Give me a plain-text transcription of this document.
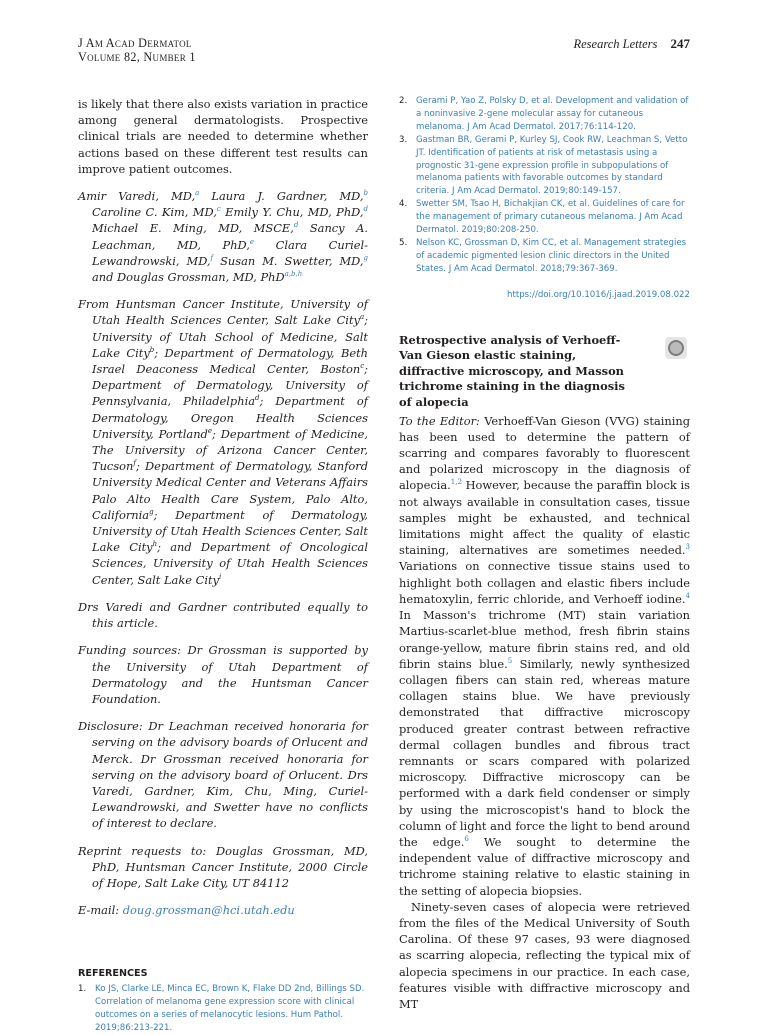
J Am Acad Dermatol
Volume 82, Number 1
Research Letters 247

is likely that there also exists variation in practice among general dermatologists. Prospective clinical trials are needed to determine whether actions based on these different test results can improve patient outcomes.

Amir Varedi, MD,$^a$ Laura J. Gardner, MD,$^b$ Caroline C. Kim, MD,$^c$ Emily Y. Chu, MD, PhD,$^d$ Michael E. Ming, MD, MSCE,$^d$ Sancy A. Leachman, MD, PhD,$^e$ Clara Curiel-Lewandrowski, MD,$^f$ Susan M. Swetter, MD,$^g$ and Douglas Grossman, MD, PhD$^{a,b,h}$

From Huntsman Cancer Institute, University of Utah Health Sciences Center, Salt Lake City$^a$; University of Utah School of Medicine, Salt Lake City$^b$; Department of Dermatology, Beth Israel Deaconess Medical Center, Boston$^c$; Department of Dermatology, University of Pennsylvania, Philadelphia$^d$; Department of Dermatology, Oregon Health Sciences University, Portland$^e$; Department of Medicine, The University of Arizona Cancer Center, Tucson$^f$; Department of Dermatology, Stanford University Medical Center and Veterans Affairs Palo Alto Health Care System, Palo Alto, California$^g$; Department of Dermatology, University of Utah Health Sciences Center, Salt Lake City$^h$; and Department of Oncological Sciences, University of Utah Health Sciences Center, Salt Lake City$^i$

Drs Varedi and Gardner contributed equally to this article.

Funding sources: Dr Grossman is supported by the University of Utah Department of Dermatology and the Huntsman Cancer Foundation.

Disclosure: Dr Leachman received honoraria for serving on the advisory boards of Orlucent and Merck. Dr Grossman received honoraria for serving on the advisory board of Orlucent. Drs Varedi, Gardner, Kim, Chu, Ming, Curiel-Lewandrowski, and Swetter have no conflicts of interest to declare.

Reprint requests to: Douglas Grossman, MD, PhD, Huntsman Cancer Institute, 2000 Circle of Hope, Salt Lake City, UT 84112

E-mail: doug.grossman@hci.utah.edu

REFERENCES
1.	Ko JS, Clarke LE, Minca EC, Brown K, Flake DD 2nd, Billings SD. Correlation of melanoma gene expression score with clinical outcomes on a series of melanocytic lesions. Hum Pathol. 2019;86:213-221.
2.	Gerami P, Yao Z, Polsky D, et al. Development and validation of a noninvasive 2-gene molecular assay for cutaneous melanoma. J Am Acad Dermatol. 2017;76:114-120.
3.	Gastman BR, Gerami P, Kurley SJ, Cook RW, Leachman S, Vetto JT. Identification of patients at risk of metastasis using a prognostic 31-gene expression profile in subpopulations of melanoma patients with favorable outcomes by standard criteria. J Am Acad Dermatol. 2019;80:149-157.
4.	Swetter SM, Tsao H, Bichakjian CK, et al. Guidelines of care for the management of primary cutaneous melanoma. J Am Acad Dermatol. 2019;80:208-250.
5.	Nelson KC, Grossman D, Kim CC, et al. Management strategies of academic pigmented lesion clinic directors in the United States. J Am Acad Dermatol. 2018;79:367-369.
https://doi.org/10.1016/j.jaad.2019.08.022

Retrospective analysis of Verhoeff-Van Gieson elastic staining, diffractive microscopy, and Masson trichrome staining in the diagnosis of alopecia

To the Editor: Verhoeff-Van Gieson (VVG) staining has been used to determine the pattern of scarring and compares favorably to fluorescent and polarized microscopy in the diagnosis of alopecia.$^{1,2}$ However, because the paraffin block is not always available in consultation cases, tissue samples might be exhausted, and technical limitations might affect the quality of elastic staining, alternatives are sometimes needed.$^3$ Variations on connective tissue stains used to highlight both collagen and elastic fibers include hematoxylin, ferric chloride, and Verhoeff iodine.$^4$ In Masson's trichrome (MT) stain variation Martius-scarlet-blue method, fresh fibrin stains orange-yellow, mature fibrin stains red, and old fibrin stains blue.$^5$ Similarly, newly synthesized collagen fibers can stain red, whereas mature collagen stains blue. We have previously demonstrated that diffractive microscopy produced greater contrast between refractive dermal collagen bundles and fibrous tract remnants or scars compared with polarized microscopy. Diffractive microscopy can be performed with a dark field condenser or simply by using the microscopist's hand to block the column of light and force the light to bend around the edge.$^6$ We sought to determine the independent value of diffractive microscopy and trichrome staining relative to elastic staining in the setting of alopecia biopsies.

Ninety-seven cases of alopecia were retrieved from the files of the Medical University of South Carolina. Of these 97 cases, 93 were diagnosed as scarring alopecia, reflecting the typical mix of alopecia specimens in our practice. In each case, features visible with diffractive microscopy and MT
